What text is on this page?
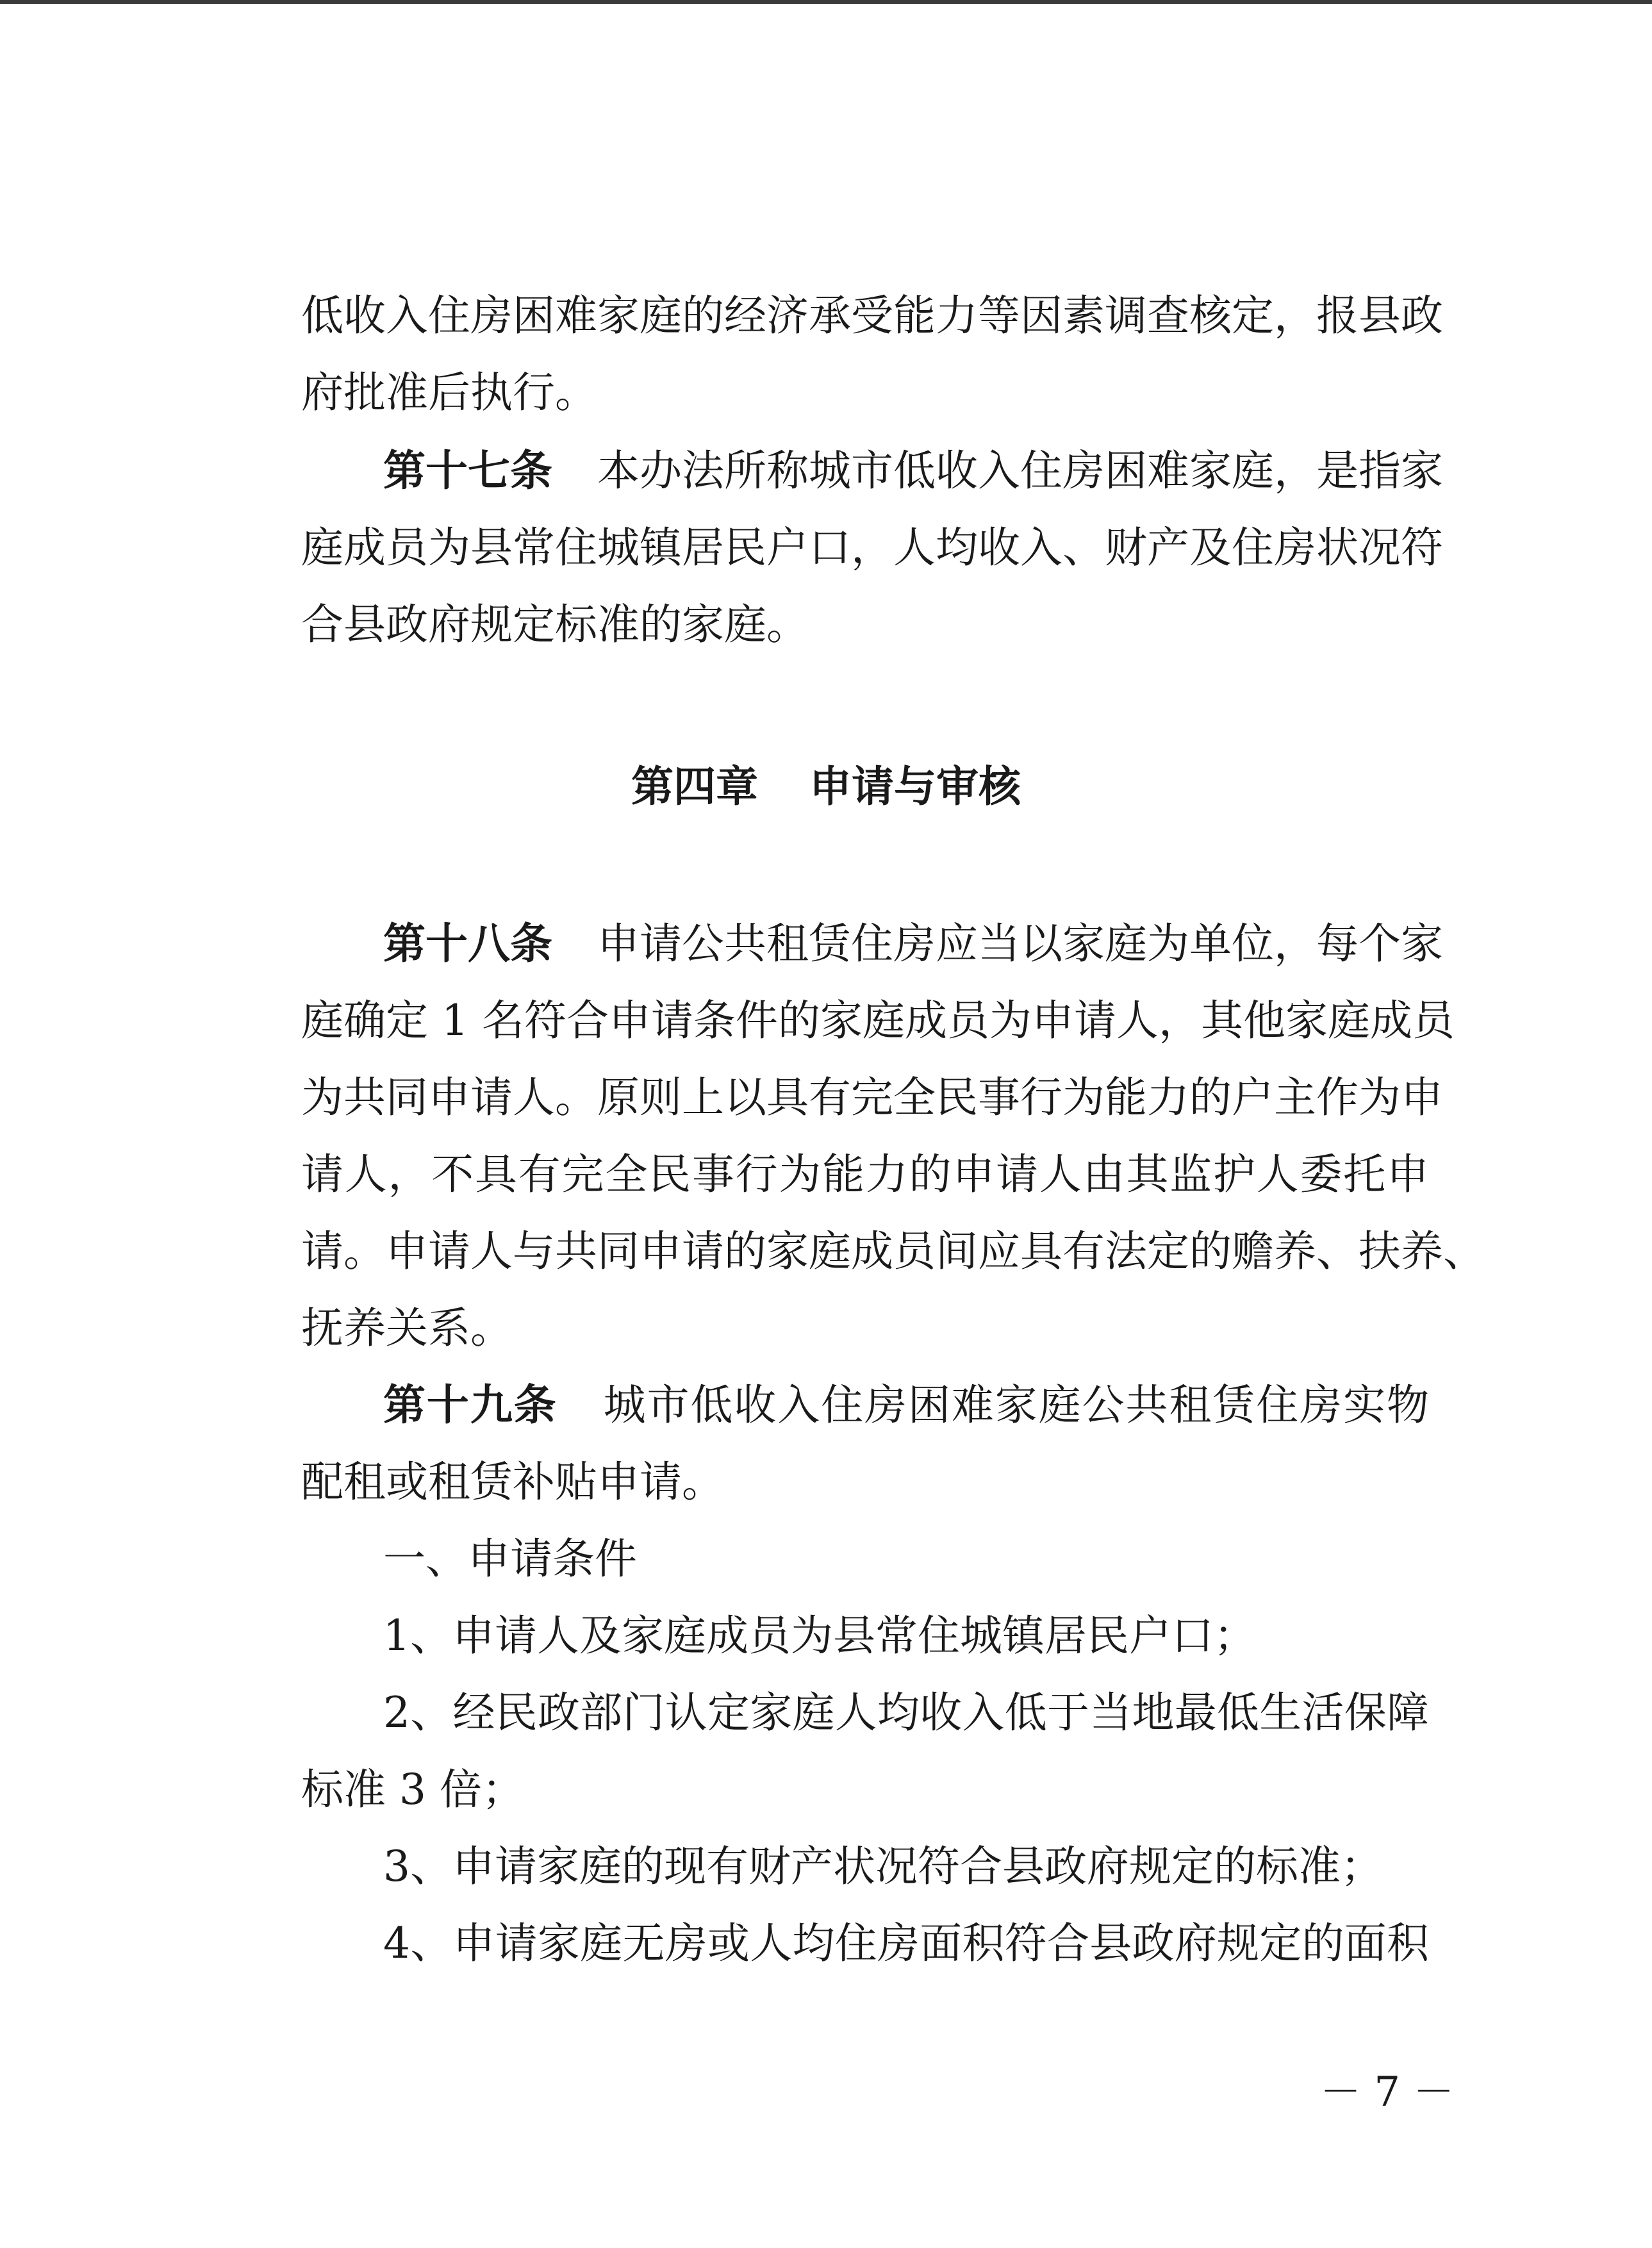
低收入住房困难家庭的经济承受能力等因素调查核定，报县政
府批准后执行。
第十七条 本办法所称城市低收入住房困难家庭，是指家
庭成员为县常住城镇居民户口，人均收入、财产及住房状况符
合县政府规定标准的家庭。
第四章 申请与审核
第十八条 申请公共租赁住房应当以家庭为单位，每个家
庭确定 1 名符合申请条件的家庭成员为申请人，其他家庭成员
为共同申请人。原则上以具有完全民事行为能力的户主作为申
请人，不具有完全民事行为能力的申请人由其监护人委托申
请。申请人与共同申请的家庭成员间应具有法定的赡养、扶养、
抚养关系。
第十九条 城市低收入住房困难家庭公共租赁住房实物
配租或租赁补贴申请。
一、申请条件
1、申请人及家庭成员为县常住城镇居民户口；
2、经民政部门认定家庭人均收入低于当地最低生活保障
标准 3 倍；
3、申请家庭的现有财产状况符合县政府规定的标准；
4、申请家庭无房或人均住房面积符合县政府规定的面积
－ 7 －
